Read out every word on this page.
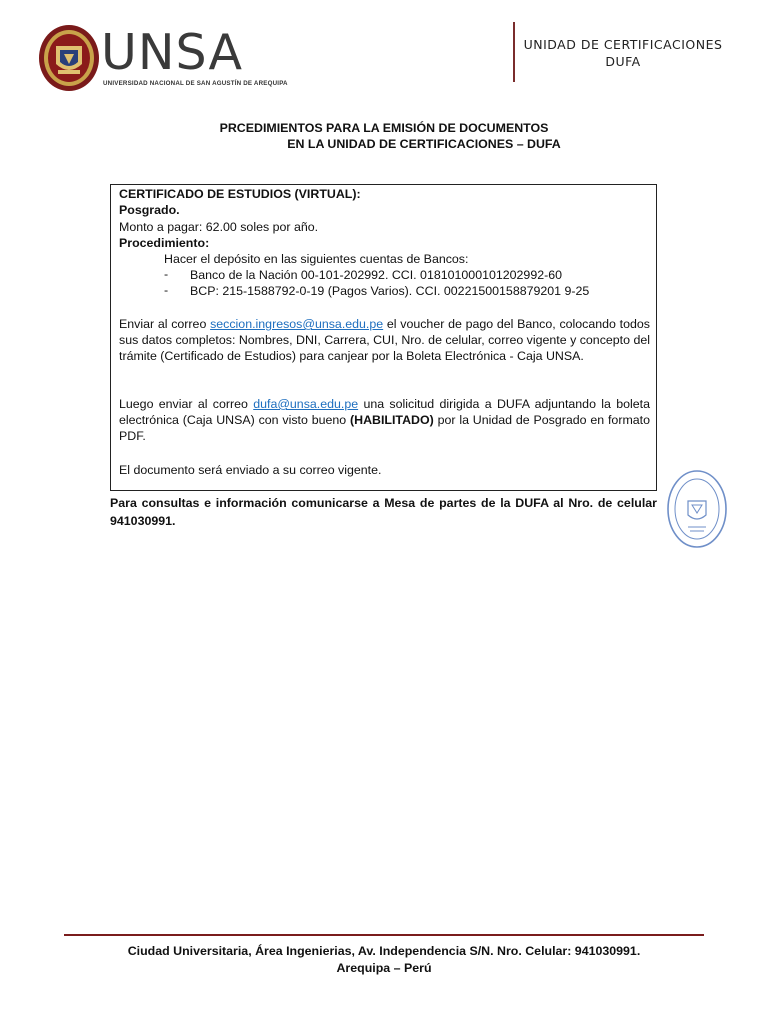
UNSA
UNIVERSIDAD NACIONAL DE SAN AGUSTÍN DE AREQUIPA
UNIDAD DE CERTIFICACIONES
DUFA
PRCEDIMIENTOS PARA LA EMISIÓN DE DOCUMENTOS
EN LA UNIDAD DE CERTIFICACIONES – DUFA
CERTIFICADO DE ESTUDIOS (VIRTUAL):
Posgrado.
Monto a pagar: 62.00 soles por año.
Procedimiento:
Hacer el depósito en las siguientes cuentas de Bancos:
- Banco de la Nación 00-101-202992. CCI. 018101000101202992-60
- BCP: 215-1588792-0-19 (Pagos Varios). CCI. 00221500158879201 9-25
Enviar al correo seccion.ingresos@unsa.edu.pe el voucher de pago del Banco, colocando todos sus datos completos: Nombres, DNI, Carrera, CUI, Nro. de celular, correo vigente y concepto del trámite (Certificado de Estudios) para canjear por la Boleta Electrónica - Caja UNSA.
Luego enviar al correo dufa@unsa.edu.pe una solicitud dirigida a DUFA adjuntando la boleta electrónica (Caja UNSA) con visto bueno (HABILITADO) por la Unidad de Posgrado en formato PDF.
El documento será enviado a su correo vigente.
Para consultas e información comunicarse a Mesa de partes de la DUFA al Nro. de celular 941030991.
Ciudad Universitaria, Área Ingenierias, Av. Independencia S/N. Nro. Celular: 941030991.
Arequipa – Perú
